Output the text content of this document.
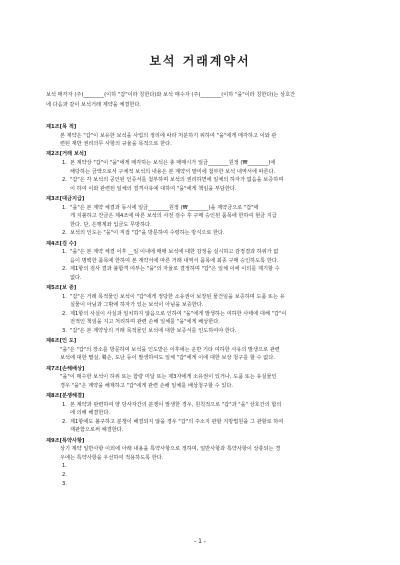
보석 거래계약서
보석 매각자 (주)________(이하 "갑"이라 칭한다)와 보석 매수자 (주)________(이하 "을"이라 칭한다)는 상호간
에 다음과 같이 보석거래 계약을 체결한다.
제1조[목 적]
본 계약은 "갑"이 보유한 보석을 사업의 정리에 따라 처분하기 위하여 "을"에게 매각하고 이와 관
련된 재반 권리의무 사항의 규율을 목적으로 한다.
제2조[거래 보석]
1. 본 계약상 "갑"이 "을"에게 매각하는 보석은 총 매매시가 일금________원정 (₩________)에
해당하는 금액으로서 구체적 보석의 내용은 본 계약서 말미에 첨부한 보석 내역서에 따른다.
2. "갑"은 각 보석의 공인된 인증서를 첨부하며 보석의 권리하면에 일체의 하자가 없음을 보증하며
이 하여 이와 관련된 일체의 결격사유에 대하여 "을"에게 책임을 부담한다.
제3조[대금지급]
1. "을"은 본 계약 체결과 동시에 일금________원정 (₩________)을 계약금으로 "갑"에
게 지불하고 잔금은 제4조에 따른 보석의 사전 검수 후 구매 승인된 품목에 한하여 현금 지급
한다. 단, 은행계좌 입금도 무방하다.
2. 보석의 인도는 "을"이 직접 "갑"을 방문하여 수령하는 방식으로 한다.
제4조[검 수]
1. "을"은 본 계약 체결 이후 __일 이내에 매매 보석에 대한 감정을 실시하고 감정결과 하위가 없
음이 명백한 품목에 한하여 본 계약서에 따른 거래 내역서 품목에 최종 구매 승인하도록 한다.
2. 제1항의 검사 결과 불합격 여부는 "을"의 자율로 결정하며 "갑"은 일체 이에 이의를 제기할 수
없다.
제5조[보 증]
1. "갑"은 거래 목적물인 보석이 "갑"에게 정당한 소유권이 보장된 물건임을 보증하며 도품 또는 유
실물이 아님과 그밖에 하자가 있는 보석이 아님을 보증한다.
2. 제1항의 사실이 사실과 일치하지 않음으로 인하여 "을"에게 발생하는 여하한 사태에 대해 "갑"이
전적인 책임을 지고 처리하며 관련 손해 일체를 "을"에게 배상한다.
3. "갑"은 본 계약상의 거래 목적물인 보석에 대한 보증서를 인도하여야 한다.
제6조[인 도]
"을"은 "갑"의 장소를 방문하여 보석을 인도받은 이후에는 운반 기타 여하한 사유의 발생으로 관련
보석에 대한 멸실, 훼손, 도난 등이 발생하여도 일체 "갑"에게 이에 대한 보상 청구를 할 수 없다.
제7조[손해배상]
"을"이 매수한 보석이 하위 또는 함량 미달 또는 제3자에게 소유권이 있거나, 도품 또는 유실물인
경우 "을"은 계약을 해제하고 "갑"에게 관련 손해 일체를 배상청구할 수 있다.
제8조[분쟁해결]
1. 본 계약과 관련하여 양 당사자간의 분쟁이 발생한 경우, 원칙적으로 "갑"과 "을" 상호간의 합의
에 의해 해결한다.
2. 제1항에도 불구하고 분쟁이 해결되지 않을 경우 "갑"의 주소지 관할 지방법원을 그 관할로 하여
재판함으로써 해결한다.
제9조[특약사항]
상기 계약 일반사항 이외에 아래 내용을 특약사항으로 정하며, 일반사항과 특약사항이 상충되는 경
우에는 특약사항을 우선하여 적용하도록 한다.
1.
2.
3.
- 1 -
